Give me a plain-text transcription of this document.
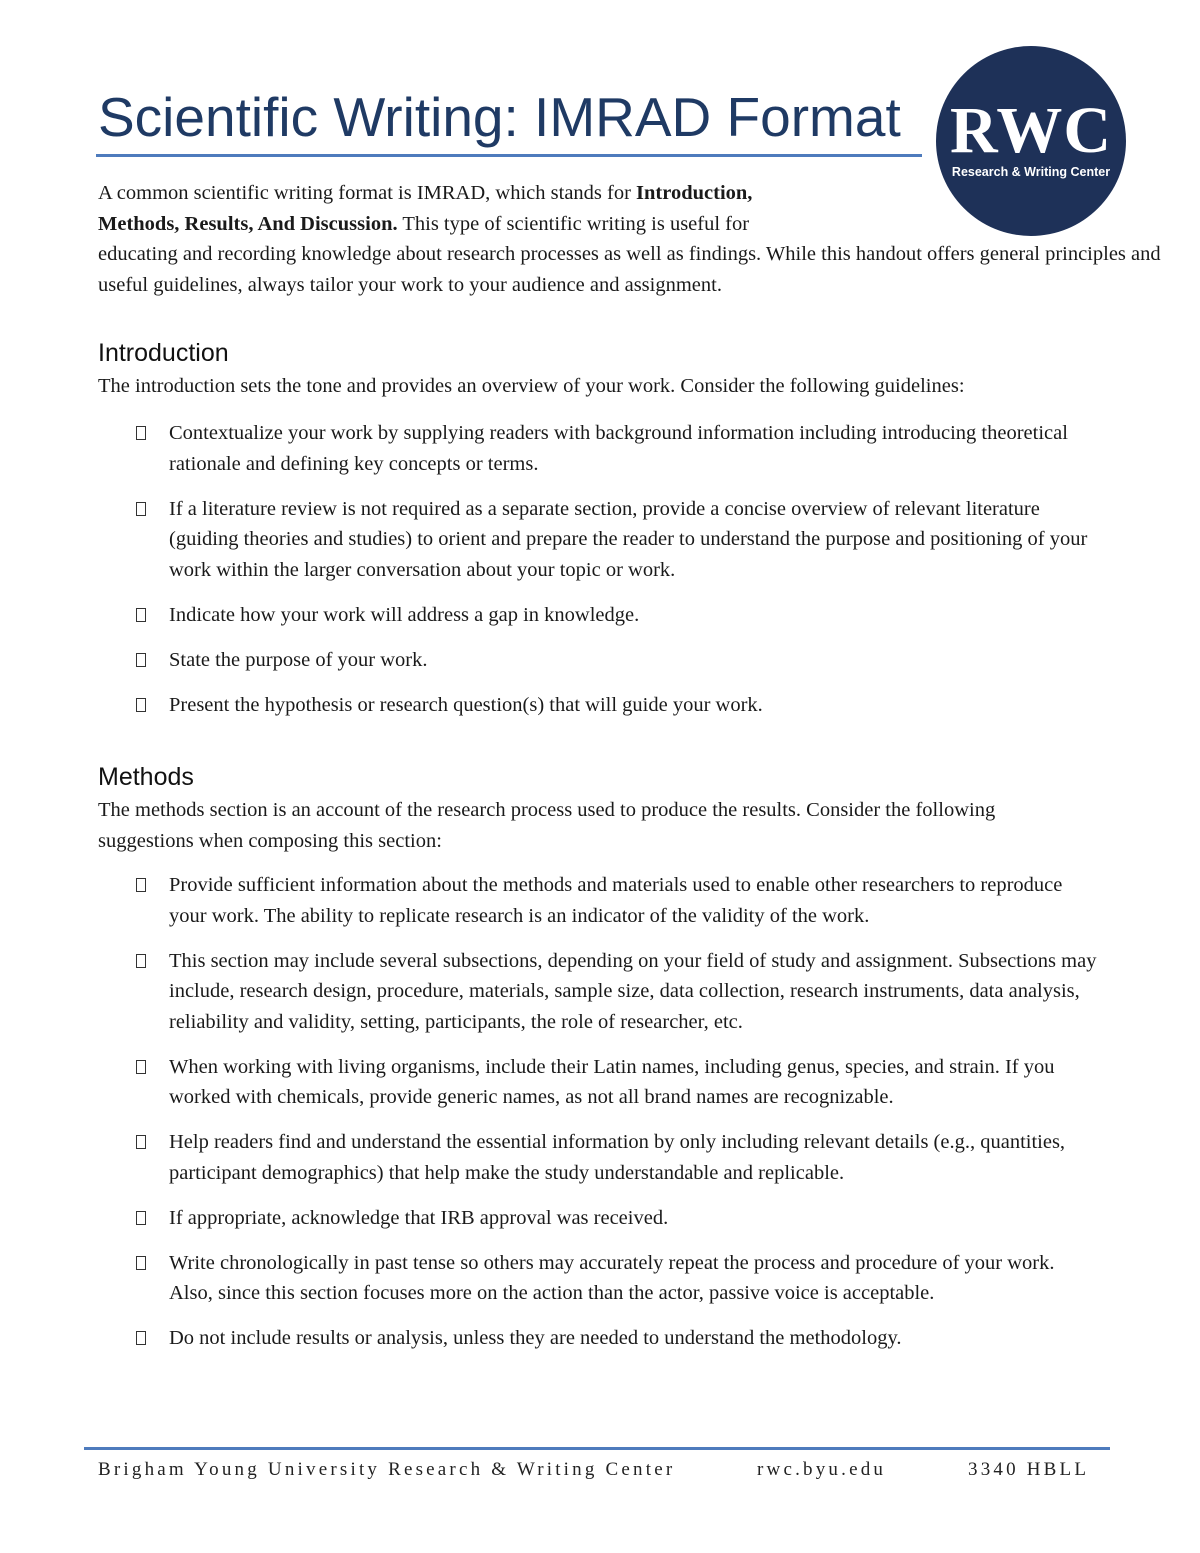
Scientific Writing: IMRAD Format RWC
Research & Writing Center

A common scientific writing format is IMRAD, which stands for Introduction,
Methods, Results, And Discussion. This type of scientific writing is useful for
educating and recording knowledge about research processes as well as findings. While this handout offers general principles and useful guidelines, always tailor your work to your audience and assignment.

Introduction

The introduction sets the tone and provides an overview of your work. Consider the following guidelines:

Contextualize your work by supplying readers with background information including introducing theoretical rationale and defining key concepts or terms.
If a literature review is not required as a separate section, provide a concise overview of relevant literature (guiding theories and studies) to orient and prepare the reader to understand the purpose and positioning of your work within the larger conversation about your topic or work.
Indicate how your work will address a gap in knowledge.
State the purpose of your work.
Present the hypothesis or research question(s) that will guide your work.
Methods

The methods section is an account of the research process used to produce the results. Consider the following suggestions when composing this section:

Provide sufficient information about the methods and materials used to enable other researchers to reproduce your work. The ability to replicate research is an indicator of the validity of the work.
This section may include several subsections, depending on your field of study and assignment. Subsections may include, research design, procedure, materials, sample size, data collection, research instruments, data analysis, reliability and validity, setting, participants, the role of researcher, etc.
When working with living organisms, include their Latin names, including genus, species, and strain. If you worked with chemicals, provide generic names, as not all brand names are recognizable.
Help readers find and understand the essential information by only including relevant details (e.g., quantities, participant demographics) that help make the study understandable and replicable.
If appropriate, acknowledge that IRB approval was received.
Write chronologically in past tense so others may accurately repeat the process and procedure of your work. Also, since this section focuses more on the action than the actor, passive voice is acceptable.
Do not include results or analysis, unless they are needed to understand the methodology.

Brigham Young University Research & Writing Center	rwc.byu.edu	3340 HBLL
